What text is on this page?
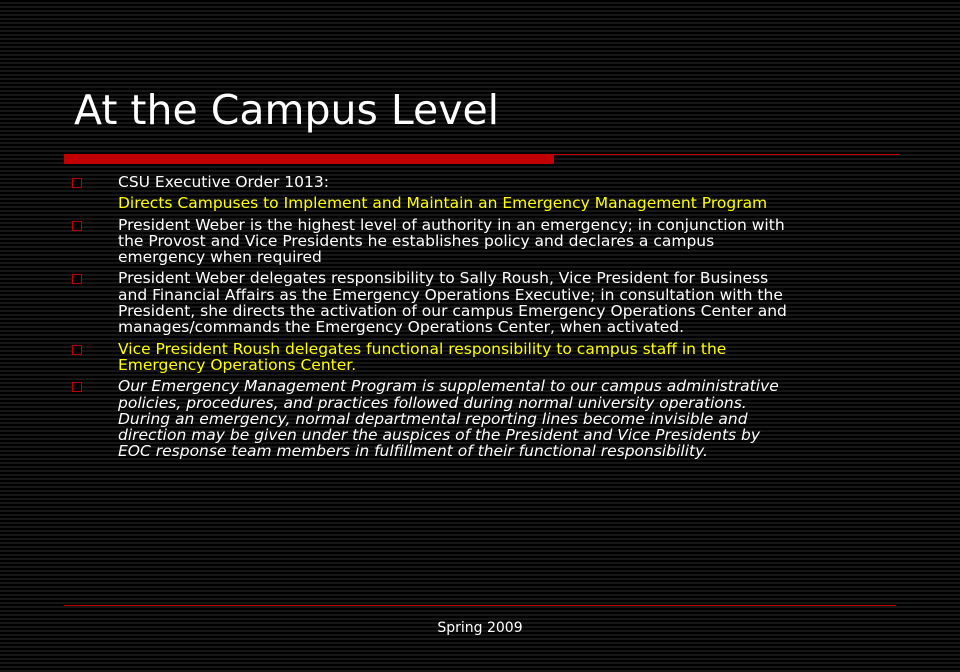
At the Campus Level
CSU Executive Order 1013:
Directs Campuses to Implement and Maintain an Emergency Management Program
President Weber is the highest level of authority in an emergency; in conjunction with the Provost and Vice Presidents he establishes policy and declares a campus emergency when required
President Weber delegates responsibility to Sally Roush, Vice President for Business and Financial Affairs as the Emergency Operations Executive; in consultation with the President, she directs the activation of our campus Emergency Operations Center and manages/commands the Emergency Operations Center, when activated.
Vice President Roush delegates functional responsibility to campus staff in the Emergency Operations Center.
Our Emergency Management Program is supplemental to our campus administrative policies, procedures, and practices followed during normal university operations. During an emergency, normal departmental reporting lines become invisible and direction may be given under the auspices of the President and Vice Presidents by EOC response team members in fulfillment of their functional responsibility.
Spring 2009
